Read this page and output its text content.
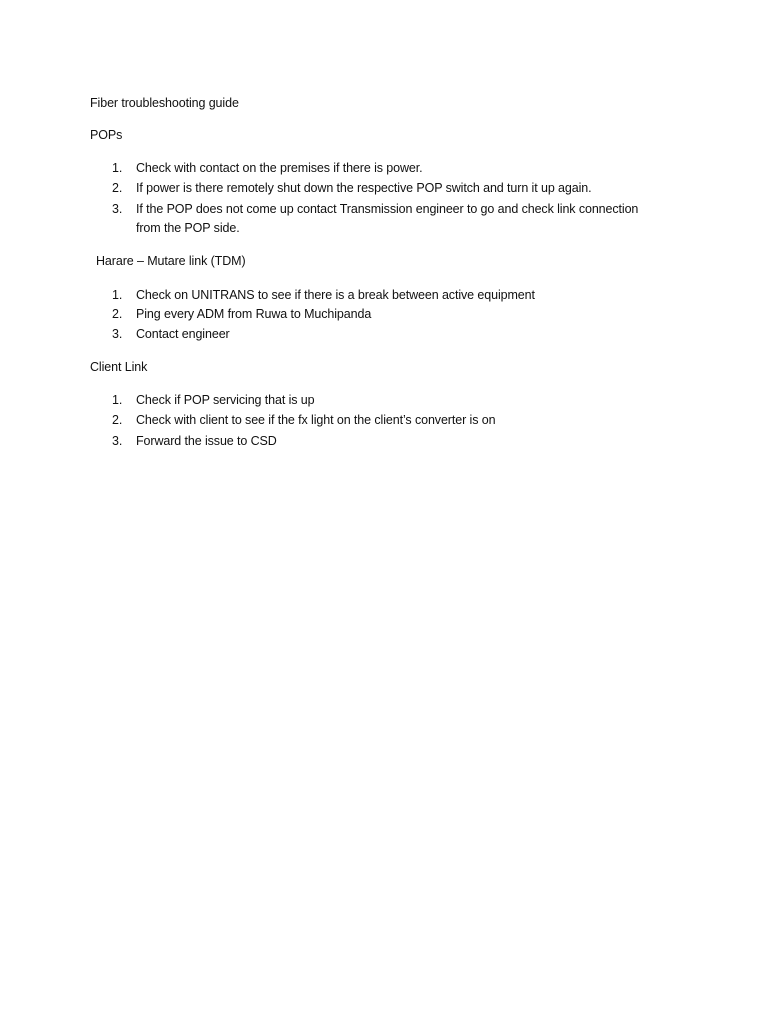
Fiber troubleshooting guide
POPs
1. Check with contact on the premises if there is power.
2. If power is there remotely shut down the respective POP switch and turn it up again.
3. If the POP does not come up contact Transmission engineer to go and check link connection
from the POP side.
Harare – Mutare link (TDM)
1. Check on UNITRANS to see if there is a break between active equipment
2. Ping every ADM from Ruwa to Muchipanda
3. Contact engineer
Client Link
1. Check if POP servicing that is up
2. Check with client to see if the fx light on the client’s converter is on
3. Forward the issue to CSD
